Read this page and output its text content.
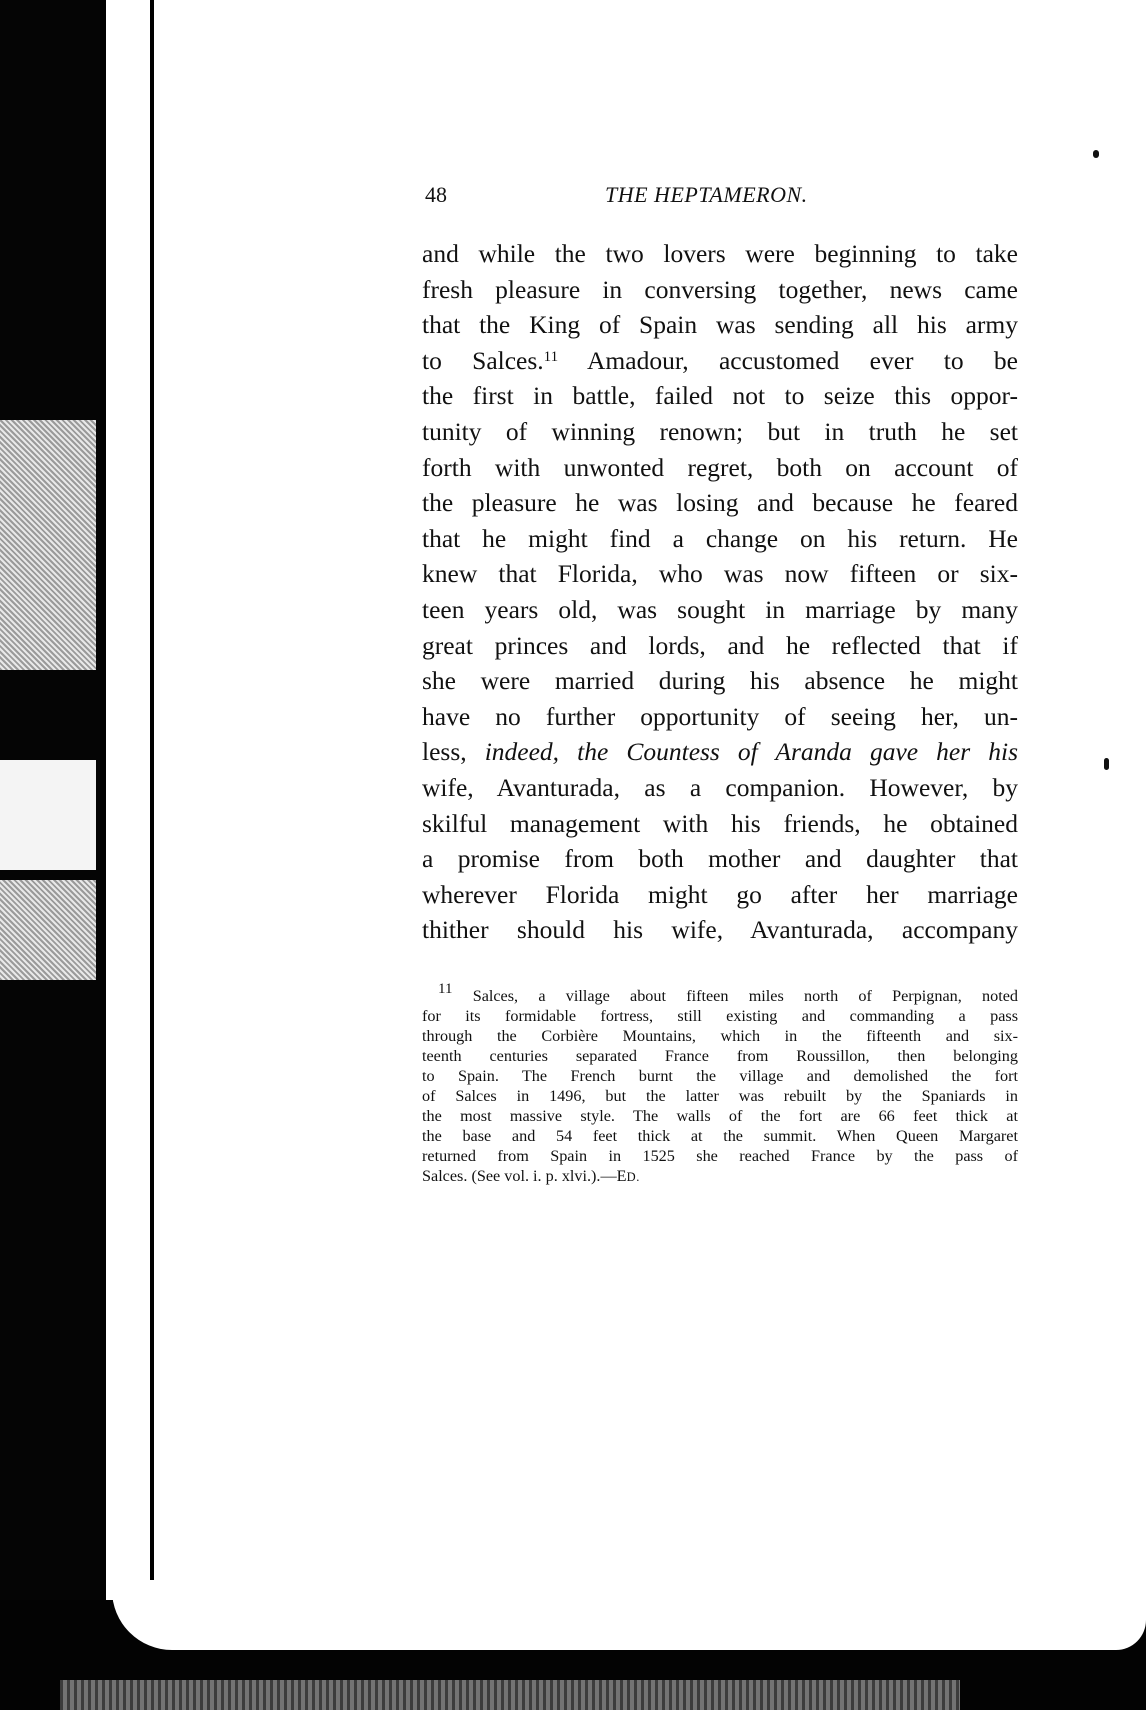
48	THE HEPTAMERON.
and while the two lovers were beginning to take
fresh pleasure in conversing together, news came
that the King of Spain was sending all his army
to Salces.$^{11}$ Amadour, accustomed ever to be
the first in battle, failed not to seize this oppor-
tunity of winning renown; but in truth he set
forth with unwonted regret, both on account of
the pleasure he was losing and because he feared
that he might find a change on his return. He
knew that Florida, who was now fifteen or six-
teen years old, was sought in marriage by many
great princes and lords, and he reflected that if
she were married during his absence he might
have no further opportunity of seeing her, un-
less, indeed, the Countess of Aranda gave her his
wife, Avanturada, as a companion. However, by
skilful management with his friends, he obtained
a promise from both mother and daughter that
wherever Florida might go after her marriage
thither should his wife, Avanturada, accompany
$^{11}$ Salces, a village about fifteen miles north of Perpignan, noted
for its formidable fortress, still existing and commanding a pass
through the Corbière Mountains, which in the fifteenth and six-
teenth centuries separated France from Roussillon, then belonging
to Spain. The French burnt the village and demolished the fort
of Salces in 1496, but the latter was rebuilt by the Spaniards in
the most massive style. The walls of the fort are 66 feet thick at
the base and 54 feet thick at the summit. When Queen Margaret
returned from Spain in 1525 she reached France by the pass of
Salces. (See vol. i. p. xlvi.).—ED.
